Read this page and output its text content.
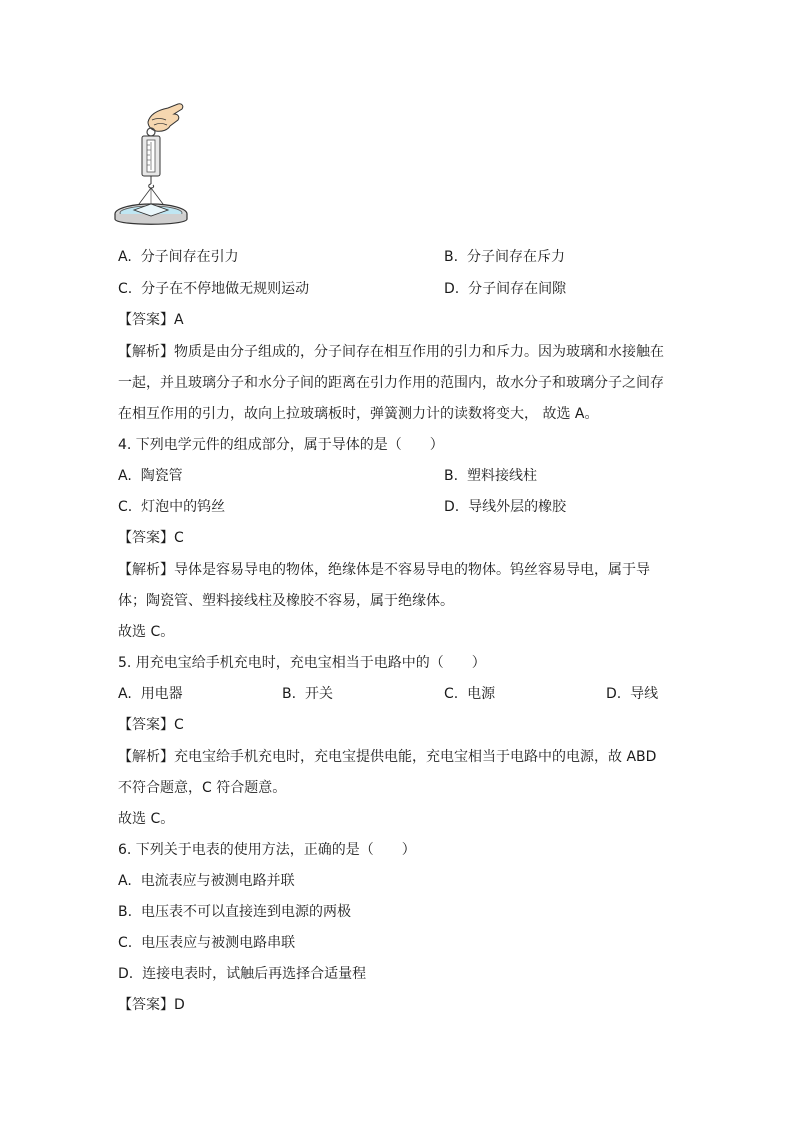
A. 分子间存在引力	B. 分子间存在斥力
C. 分子在不停地做无规则运动	D. 分子间存在间隙
【答案】A
【解析】物质是由分子组成的，分子间存在相互作用的引力和斥力。因为玻璃和水接触在
一起，并且玻璃分子和水分子间的距离在引力作用的范围内，故水分子和玻璃分子之间存
在相互作用的引力，故向上拉玻璃板时，弹簧测力计的读数将变大， 故选 A。
4. 下列电学元件的组成部分，属于导体的是（　　）
A. 陶瓷管	B. 塑料接线柱
C. 灯泡中的钨丝	D. 导线外层的橡胶
【答案】C
【解析】导体是容易导电的物体，绝缘体是不容易导电的物体。钨丝容易导电，属于导
体；陶瓷管、塑料接线柱及橡胶不容易，属于绝缘体。
故选 C。
5. 用充电宝给手机充电时，充电宝相当于电路中的（　　）
A. 用电器	B. 开关	C. 电源	D. 导线
【答案】C
【解析】充电宝给手机充电时，充电宝提供电能，充电宝相当于电路中的电源，故 ABD
不符合题意，C 符合题意。
故选 C。
6. 下列关于电表的使用方法，正确的是（　　）
A. 电流表应与被测电路并联
B. 电压表不可以直接连到电源的两极
C. 电压表应与被测电路串联
D. 连接电表时，试触后再选择合适量程
【答案】D
